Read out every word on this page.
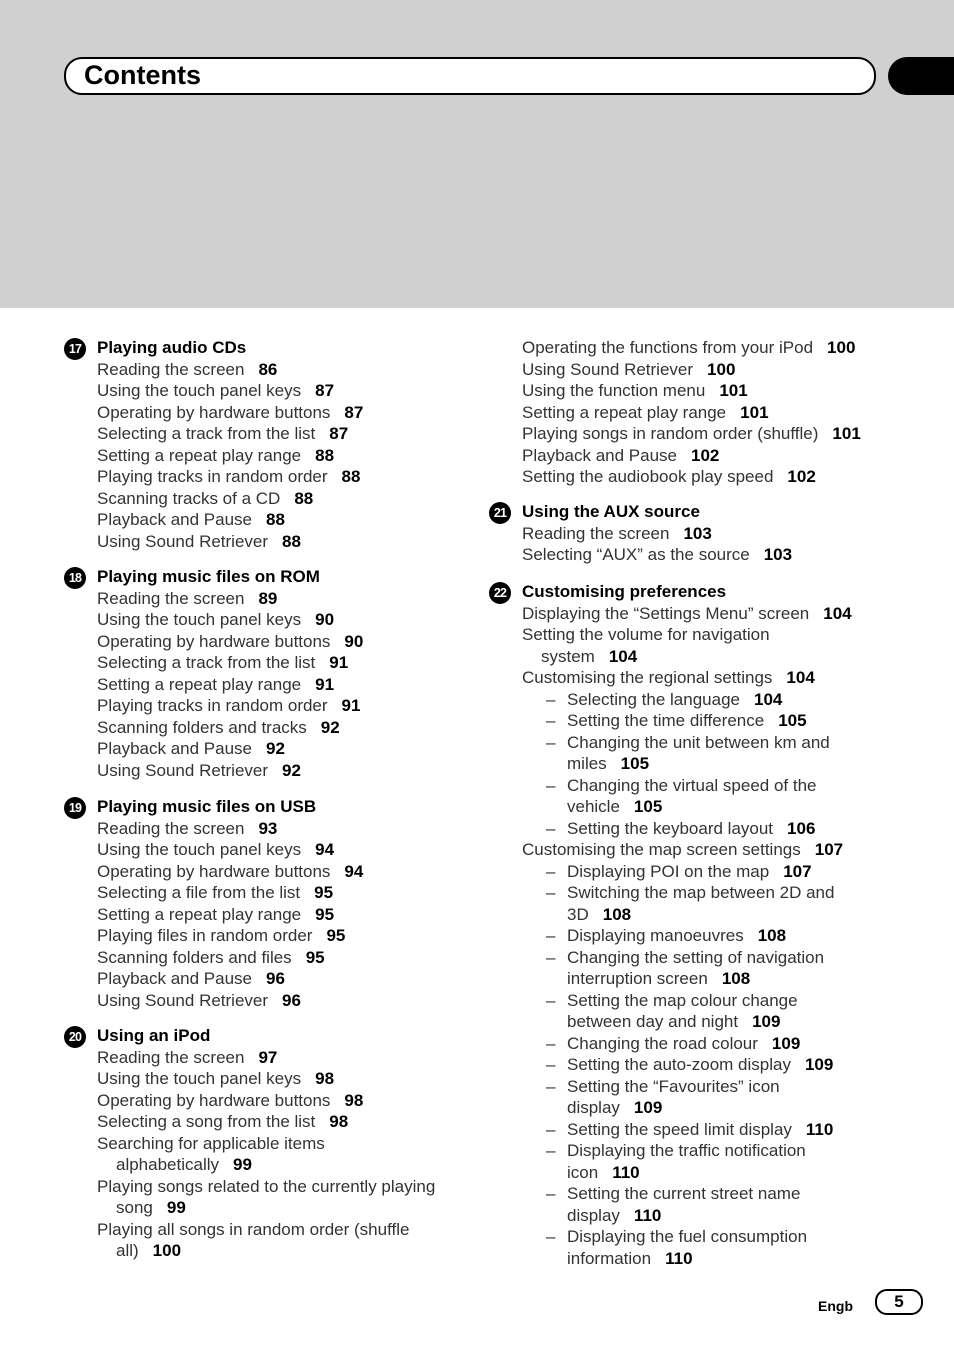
Contents
17 Playing audio CDs
Reading the screen 86
Using the touch panel keys 87
Operating by hardware buttons 87
Selecting a track from the list 87
Setting a repeat play range 88
Playing tracks in random order 88
Scanning tracks of a CD 88
Playback and Pause 88
Using Sound Retriever 88
18 Playing music files on ROM
Reading the screen 89
Using the touch panel keys 90
Operating by hardware buttons 90
Selecting a track from the list 91
Setting a repeat play range 91
Playing tracks in random order 91
Scanning folders and tracks 92
Playback and Pause 92
Using Sound Retriever 92
19 Playing music files on USB
Reading the screen 93
Using the touch panel keys 94
Operating by hardware buttons 94
Selecting a file from the list 95
Setting a repeat play range 95
Playing files in random order 95
Scanning folders and files 95
Playback and Pause 96
Using Sound Retriever 96
20 Using an iPod
Reading the screen 97
Using the touch panel keys 98
Operating by hardware buttons 98
Selecting a song from the list 98
Searching for applicable items
alphabetically 99
Playing songs related to the currently playing
song 99
Playing all songs in random order (shuffle
all) 100
Operating the functions from your iPod 100
Using Sound Retriever 100
Using the function menu 101
Setting a repeat play range 101
Playing songs in random order (shuffle) 101
Playback and Pause 102
Setting the audiobook play speed 102
21 Using the AUX source
Reading the screen 103
Selecting “AUX” as the source 103
22 Customising preferences
Displaying the “Settings Menu” screen 104
Setting the volume for navigation
system 104
Customising the regional settings 104
– Selecting the language 104
– Setting the time difference 105
– Changing the unit between km and
miles 105
– Changing the virtual speed of the
vehicle 105
– Setting the keyboard layout 106
Customising the map screen settings 107
– Displaying POI on the map 107
– Switching the map between 2D and
3D 108
– Displaying manoeuvres 108
– Changing the setting of navigation
interruption screen 108
– Setting the map colour change
between day and night 109
– Changing the road colour 109
– Setting the auto-zoom display 109
– Setting the “Favourites” icon
display 109
– Setting the speed limit display 110
– Displaying the traffic notification
icon 110
– Setting the current street name
display 110
– Displaying the fuel consumption
information 110
Engb	5
